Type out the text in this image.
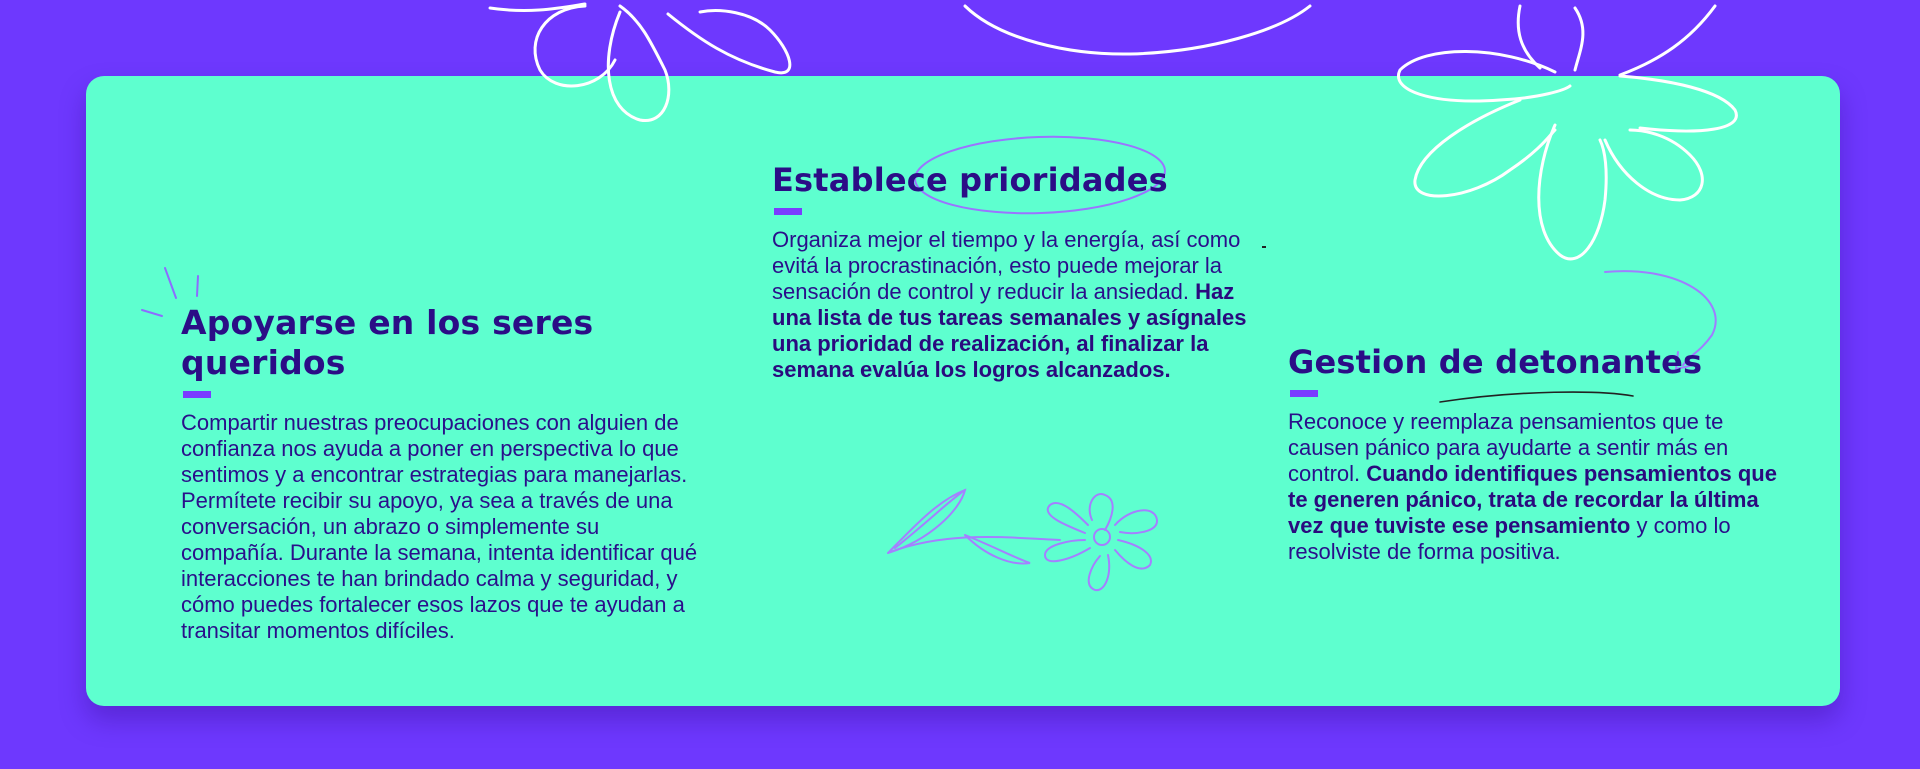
Apoyarse en los seres queridos

Compartir nuestras preocupaciones con alguien de confianza nos ayuda a poner en perspectiva lo que sentimos y a encontrar estrategias para manejarlas. Permítete recibir su apoyo, ya sea a través de una conversación, un abrazo o simplemente su compañía. Durante la semana, intenta identificar qué interacciones te han brindado calma y seguridad, y cómo puedes fortalecer esos lazos que te ayudan a transitar momentos difíciles.

Establece prioridades

Organiza mejor el tiempo y la energía, así como evitá la procrastinación, esto puede mejorar la sensación de control y reducir la ansiedad. Haz una lista de tus tareas semanales y asígnales una prioridad de realización, al finalizar la semana evalúa los logros alcanzados.	Gestion de detonantes

Reconoce y reemplaza pensamientos que te causen pánico para ayudarte a sentir más en control. Cuando identifiques pensamientos que te generen pánico, trata de recordar la última vez que tuviste ese pensamiento y como lo resolviste de forma positiva.
